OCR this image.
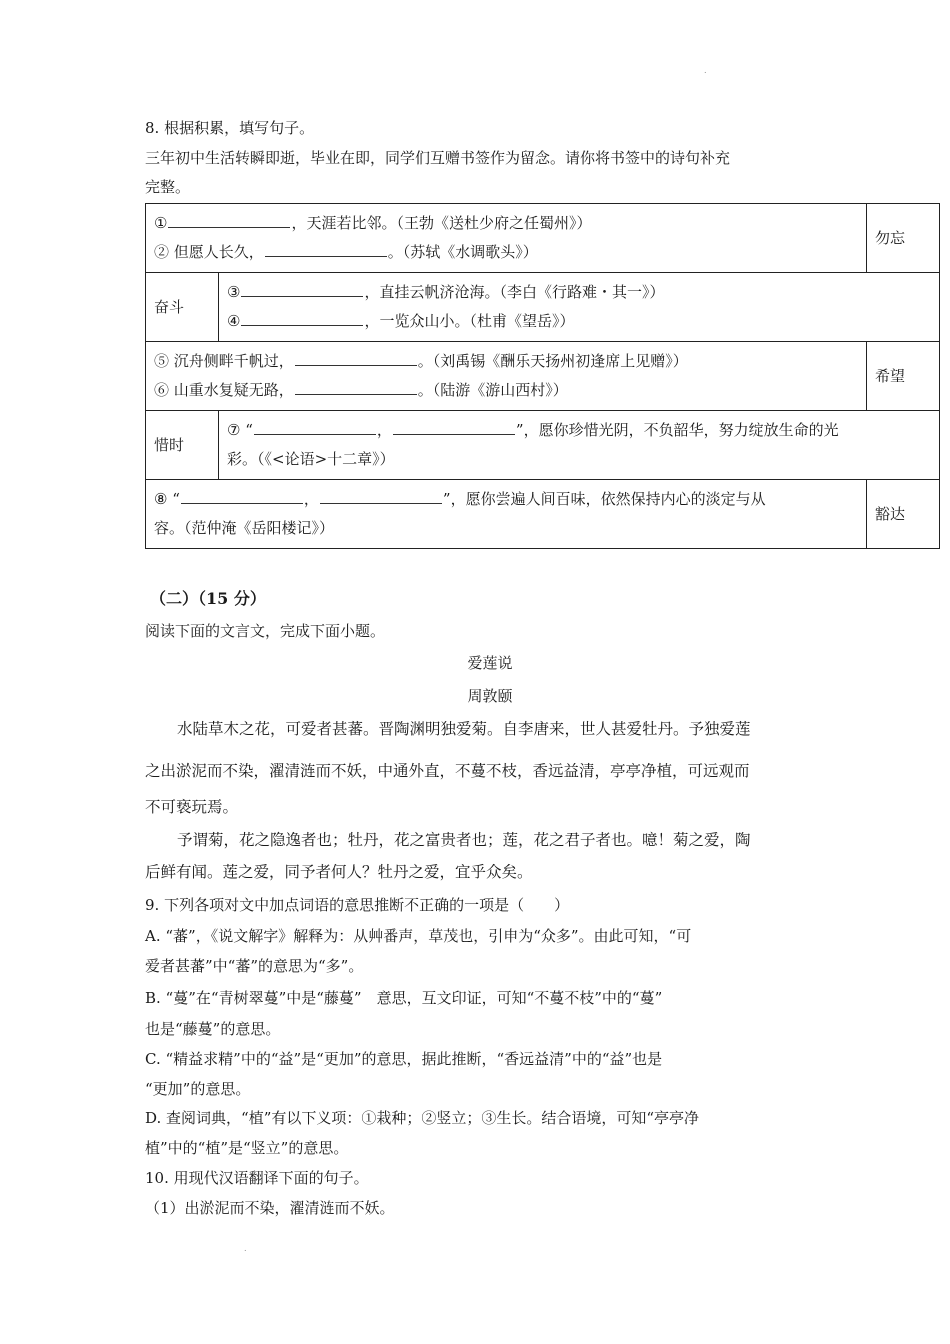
.
8. 根据积累，填写句子。
三年初中生活转瞬即逝，毕业在即，同学们互赠书签作为留念。请你将书签中的诗句补充
完整。
① ，天涯若比邻。（王勃《送杜少府之任蜀州》）
② 但愿人长久， 。（苏轼《水调歌头》）		勿忘
奋斗	③ ，直挂云帆济沧海。（李白《行路难・其一》）
④ ，一览众山小。（杜甫《望岳》）	

⑤ 沉舟侧畔千帆过， 。（刘禹锡《酬乐天扬州初逢席上见赠》）
⑥ 山重水复疑无路， 。（陆游《游山西村》）		希望
惜时	⑦ “ ， ”，愿你珍惜光阴，不负韶华，努力绽放生命的光
彩。（《<论语>十二章》）	

⑧ “ ， ”，愿你尝遍人间百味，依然保持内心的淡定与从
容。（范仲淹《岳阳楼记》）		豁达
（二）（15 分）
阅读下面的文言文，完成下面小题。
爱莲说
周敦颐
水陆草木之花，可爱者甚蕃。晋陶渊明独爱菊。自李唐来，世人甚爱牡丹。予独爱莲
之出淤泥而不染，濯清涟而不妖，中通外直，不蔓不枝，香远益清，亭亭净植，可远观而
不可亵玩焉。
予谓菊，花之隐逸者也；牡丹，花之富贵者也；莲，花之君子者也。噫！菊之爱，陶
后鲜有闻。莲之爱，同予者何人？牡丹之爱，宜乎众矣。
9. 下列各项对文中加点词语的意思推断不正确的一项是（　　）
A. “蕃”，《说文解字》解释为：从艸番声，草茂也，引申为“众多”。由此可知，“可
爱者甚蕃”中“蕃”的意思为“多”。
B. “蔓”在“青树翠蔓”中是“藤蔓”　意思，互文印证，可知“不蔓不枝”中的“蔓”
也是“藤蔓”的意思。
C. “精益求精”中的“益”是“更加”的意思，据此推断，“香远益清”中的“益”也是
“更加”的意思。
D. 查阅词典，“植”有以下义项：①栽种；②竖立；③生长。结合语境，可知“亭亭净
植”中的“植”是“竖立”的意思。
10. 用现代汉语翻译下面的句子。
（1）出淤泥而不染，濯清涟而不妖。
.
